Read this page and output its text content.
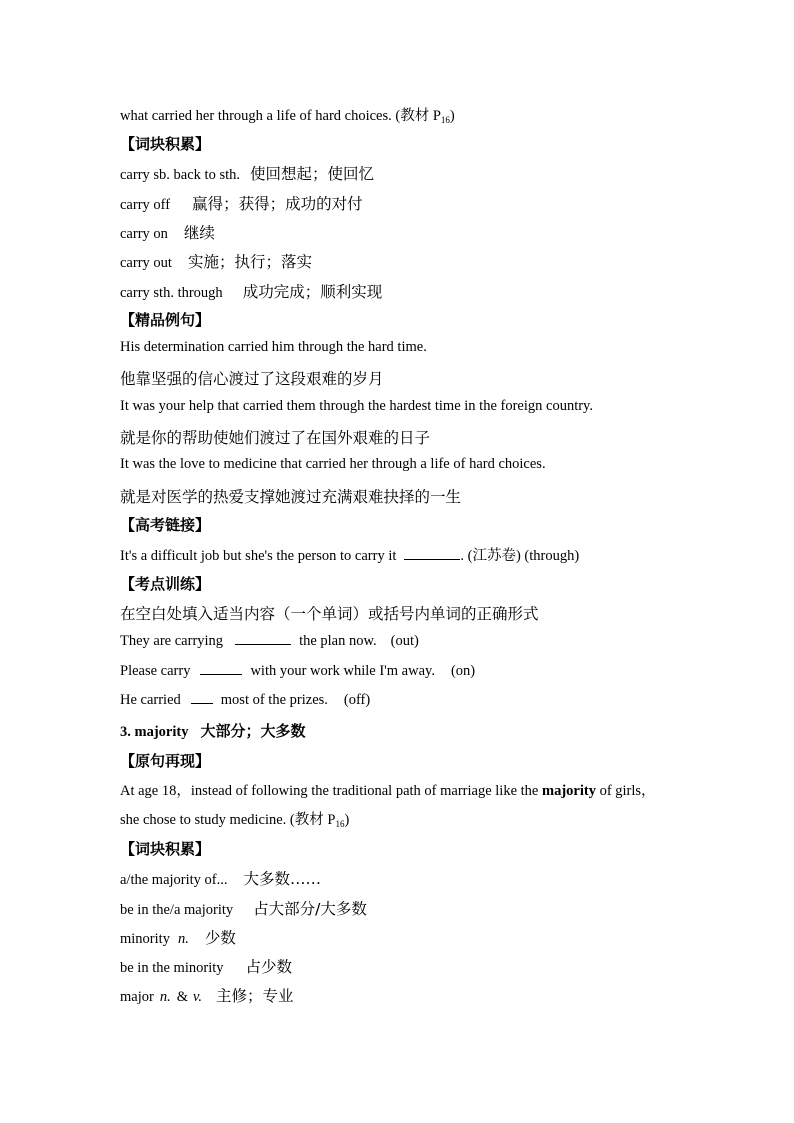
what carried her through a life of hard choices. (教材 $P_{16}$)
【词块积累】
carry sb. back to sth. 使回想起；使回忆
carry off 赢得；获得；成功的对付
carry on 继续
carry out 实施；执行；落实
carry sth. through 成功完成；顺利实现
【精品例句】
His determination carried him through the hard time.
他靠坚强的信心渡过了这段艰难的岁月
It was your help that carried them through the hardest time in the foreign country.
就是你的帮助使她们渡过了在国外艰难的日子
It was the love to medicine that carried her through a life of hard choices.
就是对医学的热爱支撑她渡过充满艰难抉择的一生
【高考链接】
It's a difficult job but she's the person to carry it	. (江苏卷) (through)
【考点训练】
在空白处填入适当内容（一个单词）或括号内单词的正确形式
They are carrying	the plan now. (out)
Please carry	with your work while I'm away. (on)
He carried	most of the prizes. (off)
3. majority 大部分；大多数
【原句再现】
At age 18，instead of following the traditional path of marriage like the majority of girls，
she chose to study medicine. (教材 $P_{16}$)
【词块积累】
a/the majority of... 大多数……
be in the/a majority 占大部分/大多数
minority n. 少数
be in the minority 占少数
major n. & v. 主修；专业
